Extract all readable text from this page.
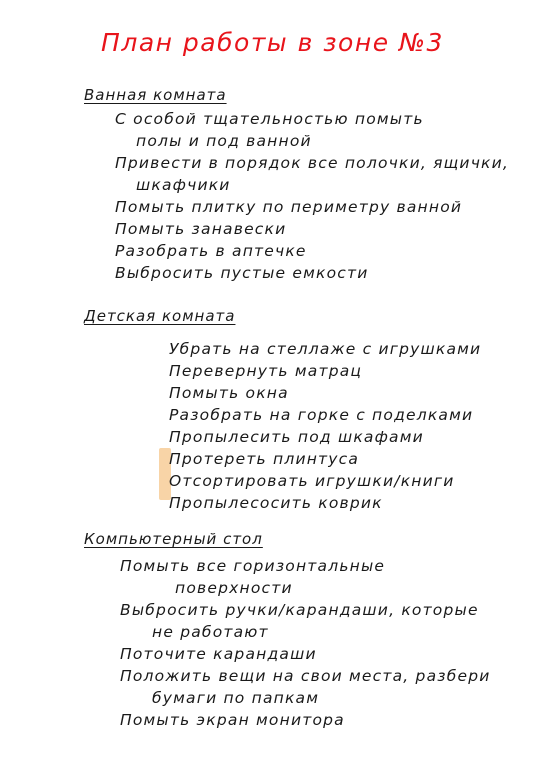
План работы в зоне №3
Ванная комната
С особой тщательностью помыть
полы и под ванной
Привести в порядок все полочки, ящички,
шкафчики
Помыть плитку по периметру ванной
Помыть занавески
Разобрать в аптечке
Выбросить пустые емкости
Детская комната
Убрать на стеллаже с игрушками
Перевернуть матрац
Помыть окна
Разобрать на горке с поделками
Пропылесить под шкафами
Протереть плинтуса
Отсортировать игрушки/книги
Пропылесосить коврик
Компьютерный стол
Помыть все горизонтальные
поверхности
Выбросить ручки/карандаши, которые
не работают
Поточите карандаши
Положить вещи на свои места, разбери
бумаги по папкам
Помыть экран монитора
